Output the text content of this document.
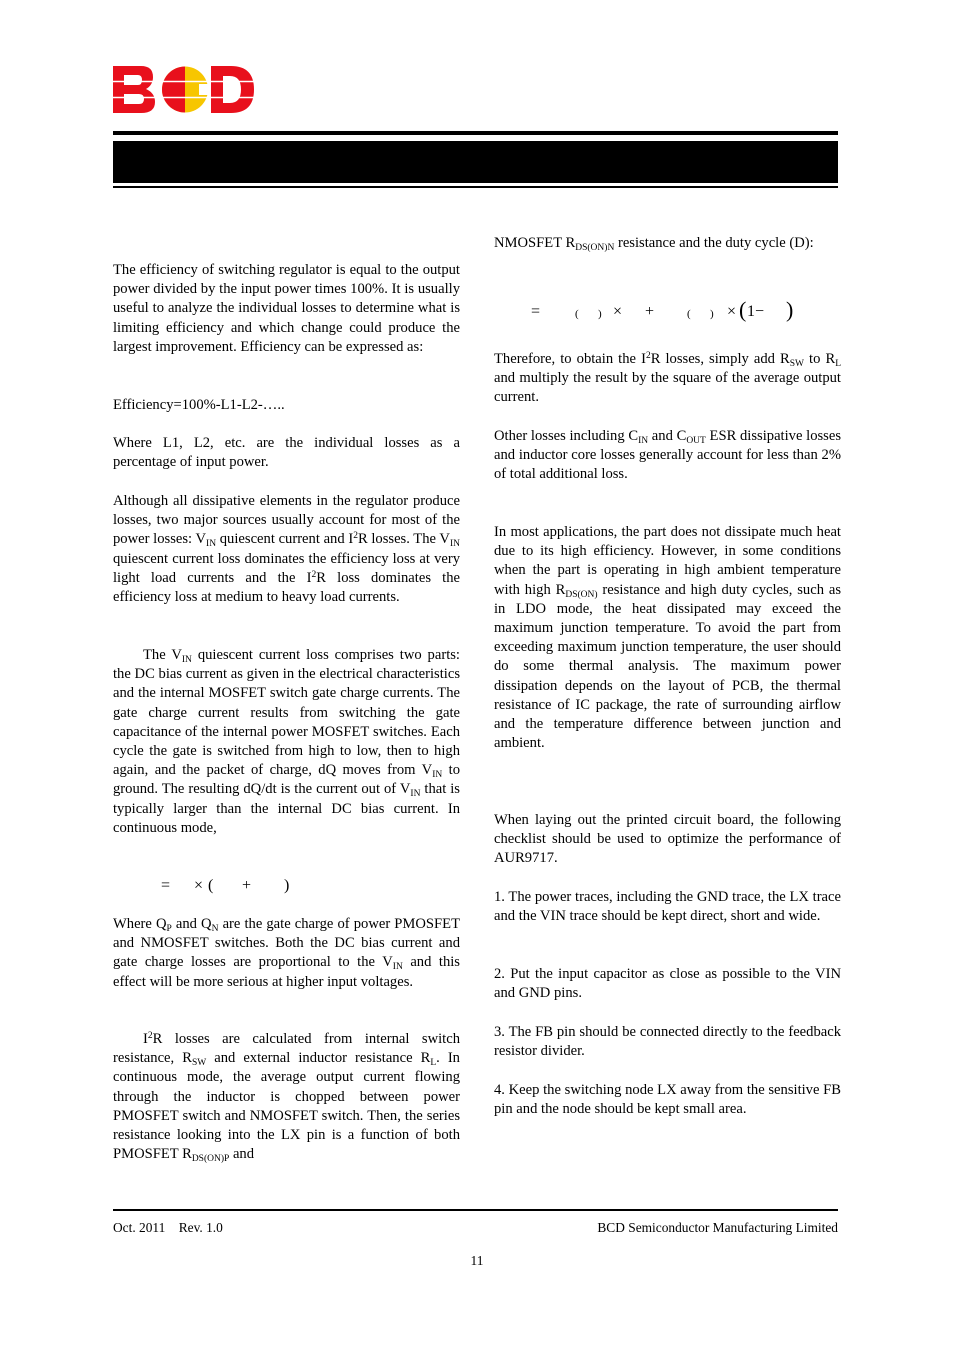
The efficiency of switching regulator is equal to the output power divided by the input power times 100%. It is usually useful to analyze the individual losses to determine what is limiting efficiency and which change could produce the largest improvement. Efficiency can be expressed as:

Efficiency=100%-L1-L2-…..

Where L1, L2, etc. are the individual losses as a percentage of input power.

Although all dissipative elements in the regulator produce losses, two major sources usually account for most of the power losses: $V_{IN}$ quiescent current and $I^2R$ losses. The $V_{IN}$ quiescent current loss dominates the efficiency loss at very light load currents and the $I^2R$ loss dominates the efficiency loss at medium to heavy load currents.

The $V_{IN}$ quiescent current loss comprises two parts: the DC bias current as given in the electrical characteristics and the internal MOSFET switch gate charge currents. The gate charge current results from switching the gate capacitance of the internal power MOSFET switches. Each cycle the gate is switched from high to low, then to high again, and the packet of charge, dQ moves from $V_{IN}$ to ground. The resulting dQ/dt is the current out of $V_{IN}$ that is typically larger than the internal DC bias current. In continuous mode,

Where $Q_P$ and $Q_N$ are the gate charge of power PMOSFET and NMOSFET switches. Both the DC bias current and gate charge losses are proportional to the $V_{IN}$ and this effect will be more serious at higher input voltages.

$I^2R$ losses are calculated from internal switch resistance, $R_{SW}$ and external inductor resistance $R_L$. In continuous mode, the average output current flowing through the inductor is chopped between power PMOSFET switch and NMOSFET switch. Then, the series resistance looking into the LX pin is a function of both PMOSFET $R_{DS(ON)P}$ and

=

×

(

+

)

NMOSFET $R_{DS(ON)N}$ resistance and the duty cycle (D):

Therefore, to obtain the $I^2R$ losses, simply add $R_{SW}$ to $R_L$ and multiply the result by the square of the average output current.

Other losses including $C_{IN}$ and $C_{OUT}$ ESR dissipative losses and inductor core losses generally account for less than 2% of total additional loss.

In most applications, the part does not dissipate much heat due to its high efficiency. However, in some conditions when the part is operating in high ambient temperature with high $R_{DS(ON)}$ resistance and high duty cycles, such as in LDO mode, the heat dissipated may exceed the maximum junction temperature. To avoid the part from exceeding maximum junction temperature, the user should do some thermal analysis. The maximum power dissipation depends on the layout of PCB, the thermal resistance of IC package, the rate of surrounding airflow and the temperature difference between junction and ambient.

When laying out the printed circuit board, the following checklist should be used to optimize the performance of AUR9717.

1. The power traces, including the GND trace, the LX trace and the VIN trace should be kept direct, short and wide.

2. Put the input capacitor as close as possible to the VIN and GND pins.

3. The FB pin should be connected directly to the feedback resistor divider.

4. Keep the switching node LX away from the sensitive FB pin and the node should be kept small area.

=

	(

)

×

+

	(

)

×

(

1−

)

Oct. 2011    Rev. 1.0	BCD Semiconductor Manufacturing Limited
11
